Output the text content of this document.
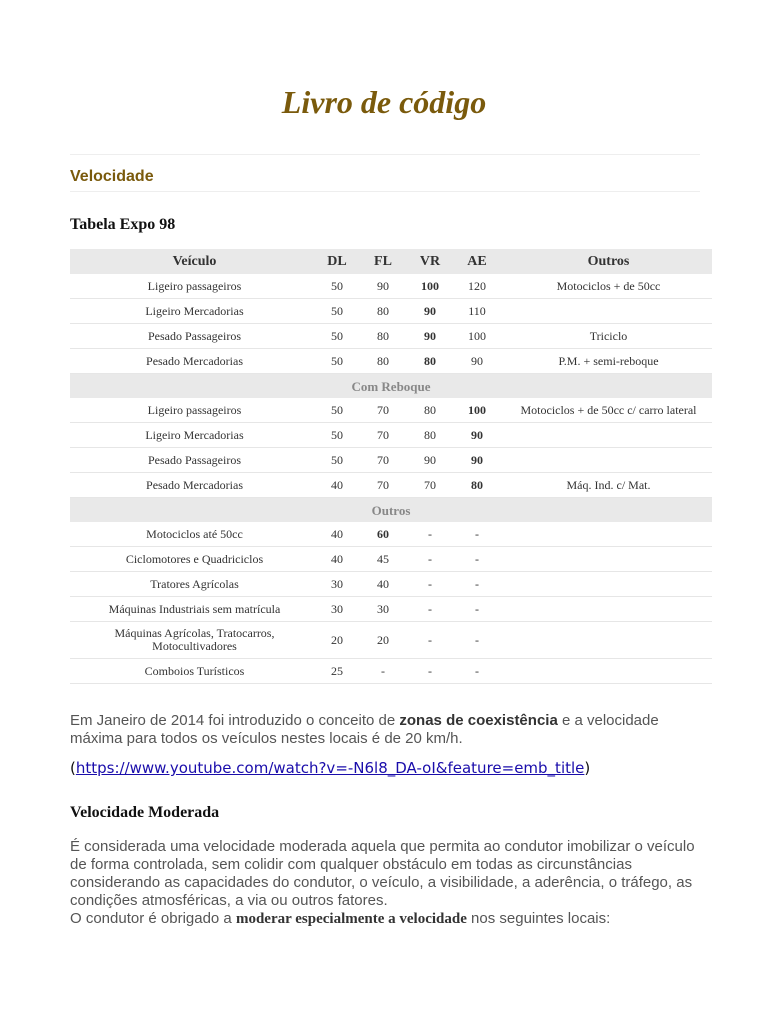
Livro de código
Velocidade
Tabela Expo 98
Veículo	DL	FL	VR	AE	Outros
Ligeiro passageiros	50	90	100	120	Motociclos + de 50cc
Ligeiro Mercadorias	50	80	90	110	
Pesado Passageiros	50	80	90	100	Triciclo
Pesado Mercadorias	50	80	80	90	P.M. + semi-reboque
Com Reboque					
Ligeiro passageiros	50	70	80	100	Motociclos + de 50cc c/ carro lateral
Ligeiro Mercadorias	50	70	80	90	
Pesado Passageiros	50	70	90	90	
Pesado Mercadorias	40	70	70	80	Máq. Ind. c/ Mat.
Outros					
Motociclos até 50cc	40	60	-	-	
Ciclomotores e Quadriciclos	40	45	-	-	
Tratores Agrícolas	30	40	-	-	
Máquinas Industriais sem matrícula	30	30	-	-	
Máquinas Agrícolas, Tratocarros, Motocultivadores	20	20	-	-	
Comboios Turísticos	25	-	-	-	

Em Janeiro de 2014 foi introduzido o conceito de zonas de coexistência e a velocidade máxima para todos os veículos nestes locais é de 20 km/h.

(https://www.youtube.com/watch?v=-N6l8_DA-oI&feature=emb_title)

Velocidade Moderada

É considerada uma velocidade moderada aquela que permita ao condutor imobilizar o veículo de forma controlada, sem colidir com qualquer obstáculo em todas as circunstâncias considerando as capacidades do condutor, o veículo, a visibilidade, a aderência, o tráfego, as condições atmosféricas, a via ou outros fatores.
O condutor é obrigado a moderar especialmente a velocidade nos seguintes locais:
